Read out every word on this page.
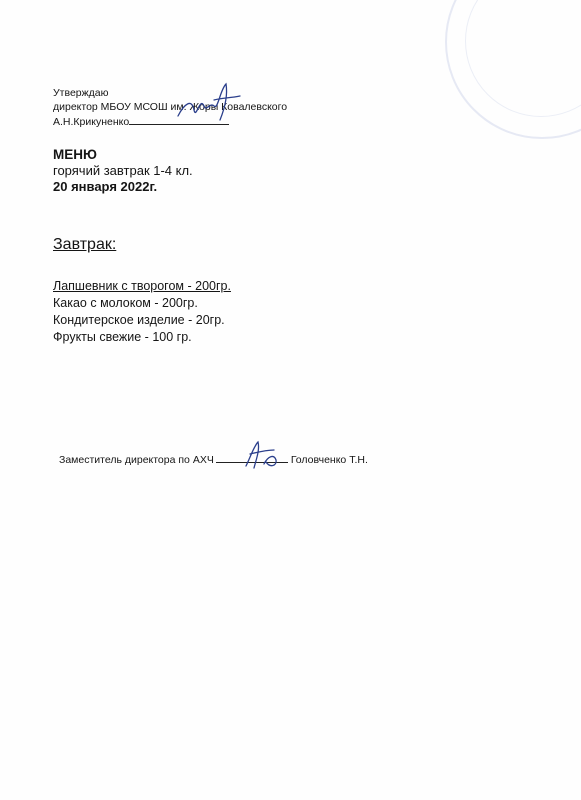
Утверждаю
директор МБОУ МСОШ им. Жоры Ковалевского
А.Н.Крикуненко
МЕНЮ
горячий завтрак 1-4 кл.
20 января 2022г.
Завтрак:
Лапшевник с творогом - 200гр.
Какао с молоком - 200гр.
Кондитерское изделие - 20гр.
Фрукты свежие - 100 гр.
Заместитель директора по АХЧ	Головченко Т.Н.
